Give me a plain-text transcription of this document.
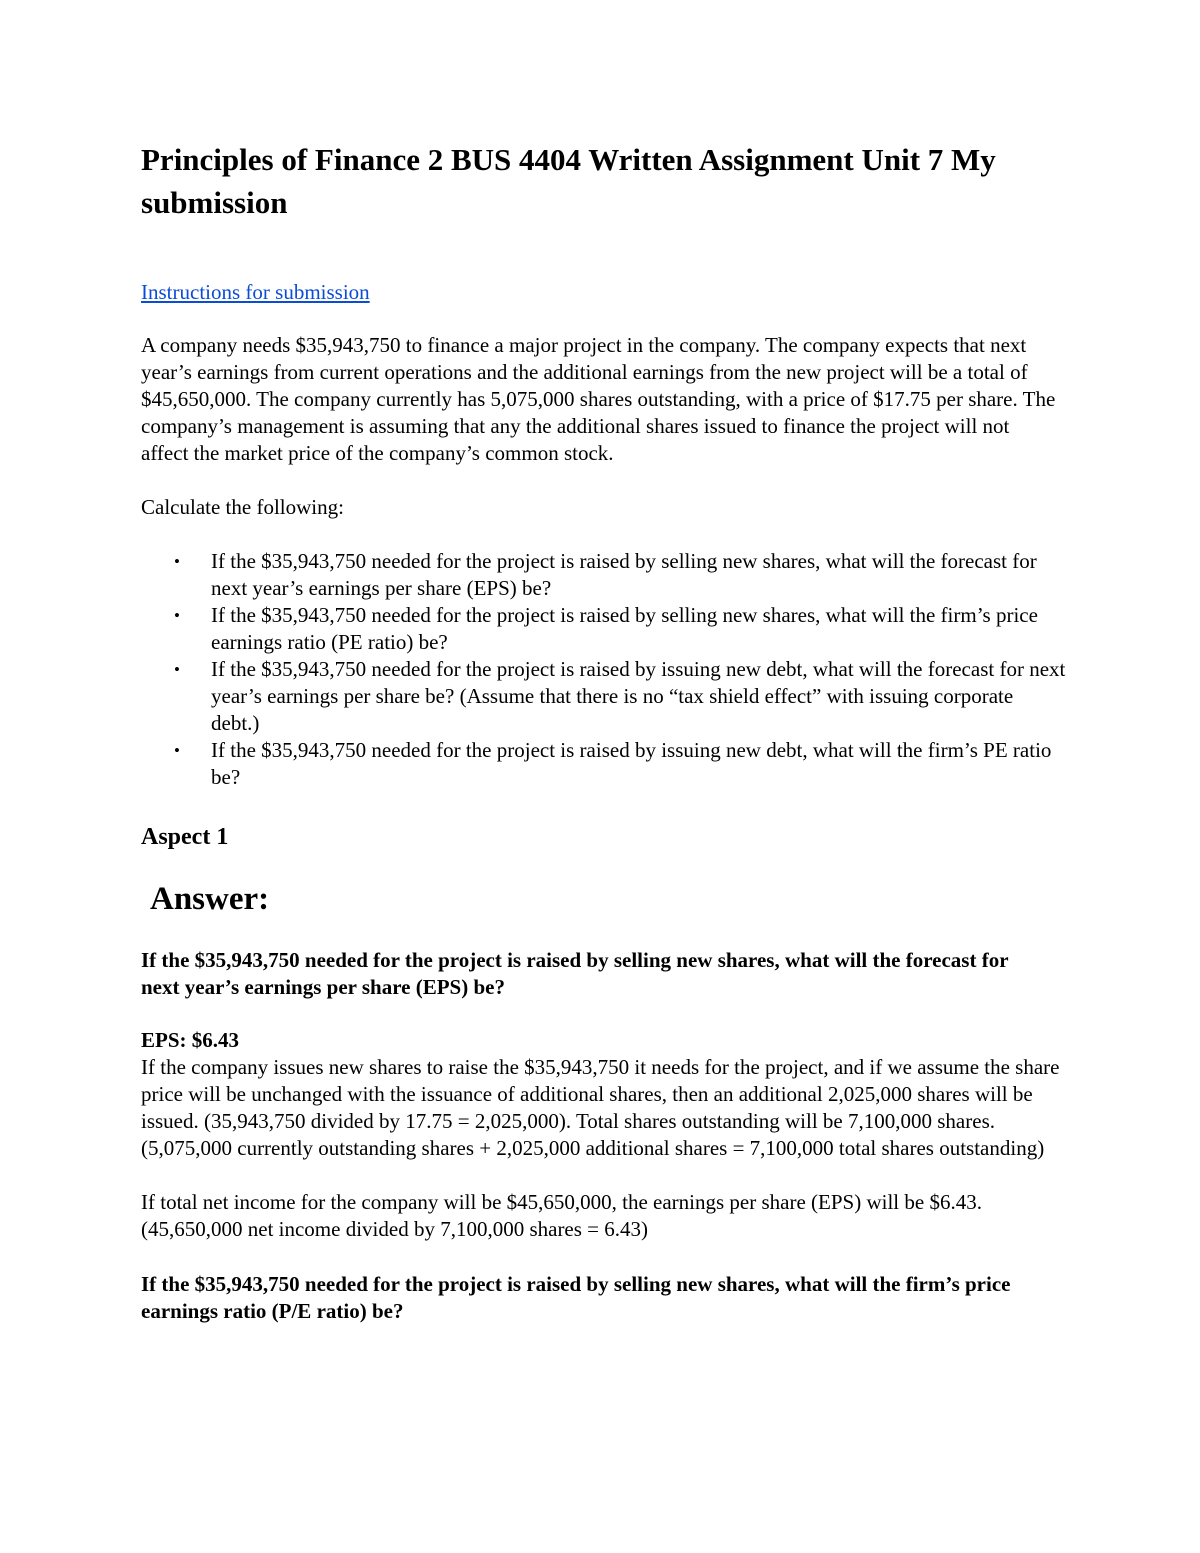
Principles of Finance 2 BUS 4404 Written Assignment Unit 7 My submission
Instructions for submission

A company needs $35,943,750 to finance a major project in the company. The company expects that next year’s earnings from current operations and the additional earnings from the new project will be a total of $45,650,000. The company currently has 5,075,000 shares outstanding, with a price of $17.75 per share. The company’s management is assuming that any the additional shares issued to finance the project will not affect the market price of the company’s common stock.

Calculate the following:

• If the $35,943,750 needed for the project is raised by selling new shares, what will the forecast for next year’s earnings per share (EPS) be?
• If the $35,943,750 needed for the project is raised by selling new shares, what will the firm’s price earnings ratio (PE ratio) be?
• If the $35,943,750 needed for the project is raised by issuing new debt, what will the forecast for next year’s earnings per share be? (Assume that there is no “tax shield effect” with issuing corporate debt.)
• If the $35,943,750 needed for the project is raised by issuing new debt, what will the firm’s PE ratio be?
Aspect 1
Answer:

If the $35,943,750 needed for the project is raised by selling new shares, what will the forecast for next year’s earnings per share (EPS) be?

EPS: $6.43

If the company issues new shares to raise the $35,943,750 it needs for the project, and if we assume the share price will be unchanged with the issuance of additional shares, then an additional 2,025,000 shares will be issued. (35,943,750 divided by 17.75 = 2,025,000). Total shares outstanding will be 7,100,000 shares. (5,075,000 currently outstanding shares + 2,025,000 additional shares = 7,100,000 total shares outstanding)

If total net income for the company will be $45,650,000, the earnings per share (EPS) will be $6.43. (45,650,000 net income divided by 7,100,000 shares = 6.43)

If the $35,943,750 needed for the project is raised by selling new shares, what will the firm’s price earnings ratio (P/E ratio) be?
